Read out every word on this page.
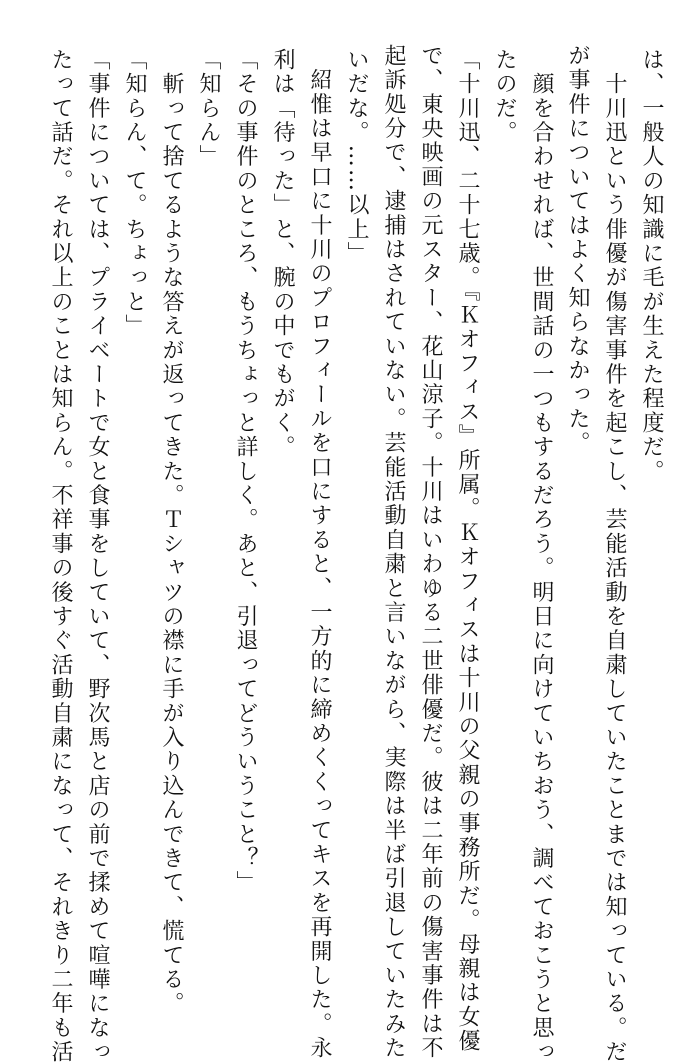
は、一般人の知識に毛が生えた程度だ。
　十川迅という俳優が傷害事件を起こし、芸能活動を自粛していたことまでは知っている。だ
が事件についてはよく知らなかった。
　顔を合わせれば、世間話の一つもするだろう。明日に向けていちおう、調べておこうと思っ
たのだ。
「十川迅、二十七歳。『Ｋオフィス』所属。Ｋオフィスは十川の父親の事務所だ。母親は女優
で、東央映画の元スター、花山涼子。十川はいわゆる二世俳優だ。彼は二年前の傷害事件は不
起訴処分で、逮捕はされていない。芸能活動自粛と言いながら、実際は半ば引退していたみた
いだな。……以上」
　紹惟は早口に十川のプロフィールを口にすると、一方的に締めくくってキスを再開した。永
利は「待った」と、腕の中でもがく。
「その事件のところ、もうちょっと詳しく。あと、引退ってどういうこと？」
「知らん」
　斬って捨てるような答えが返ってきた。Ｔシャツの襟に手が入り込んできて、慌てる。
「知らん、て。ちょっと」
「事件については、プライベートで女と食事をしていて、野次馬と店の前で揉めて喧嘩になっ
たって話だ。それ以上のことは知らん。不祥事の後すぐ活動自粛になって、それきり二年も活
